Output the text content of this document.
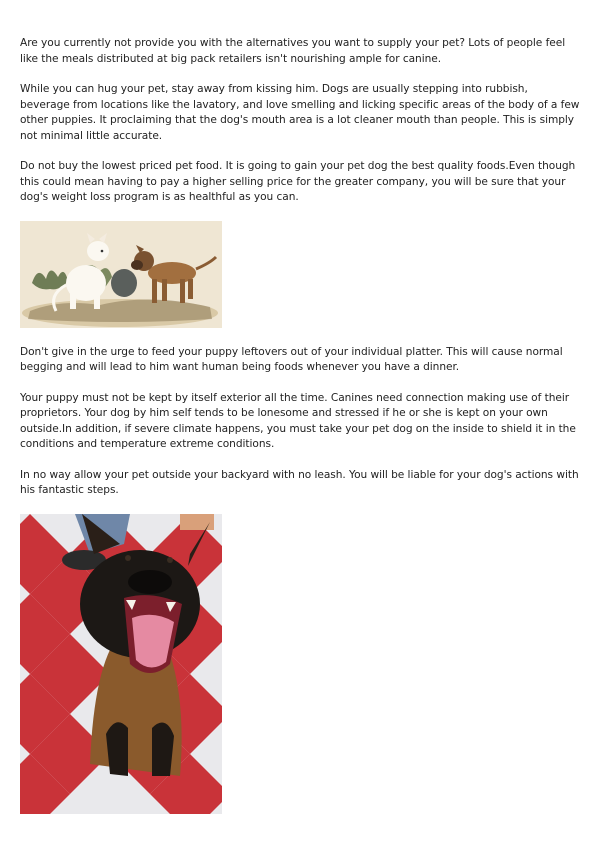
Are you currently not provide you with the alternatives you want to supply your pet? Lots of people feel like the meals distributed at big pack retailers isn't nourishing ample for canine.

While you can hug your pet, stay away from kissing him. Dogs are usually stepping into rubbish, beverage from locations like the lavatory, and love smelling and licking specific areas of the body of a few other puppies. It proclaiming that the dog's mouth area is a lot cleaner mouth than people. This is simply not minimal little accurate.

Do not buy the lowest priced pet food. It is going to gain your pet dog the best quality foods.Even though this could mean having to pay a higher selling price for the greater company, you will be sure that your dog's weight loss program is as healthful as you can.

Don't give in the urge to feed your puppy leftovers out of your individual platter. This will cause normal begging and will lead to him want human being foods whenever you have a dinner.

Your puppy must not be kept by itself exterior all the time. Canines need connection making use of their proprietors. Your dog by him self tends to be lonesome and stressed if he or she is kept on your own outside.In addition, if severe climate happens, you must take your pet dog on the inside to shield it in the conditions and temperature extreme conditions.

In no way allow your pet outside your backyard with no leash. You will be liable for your dog's actions with his fantastic steps.
